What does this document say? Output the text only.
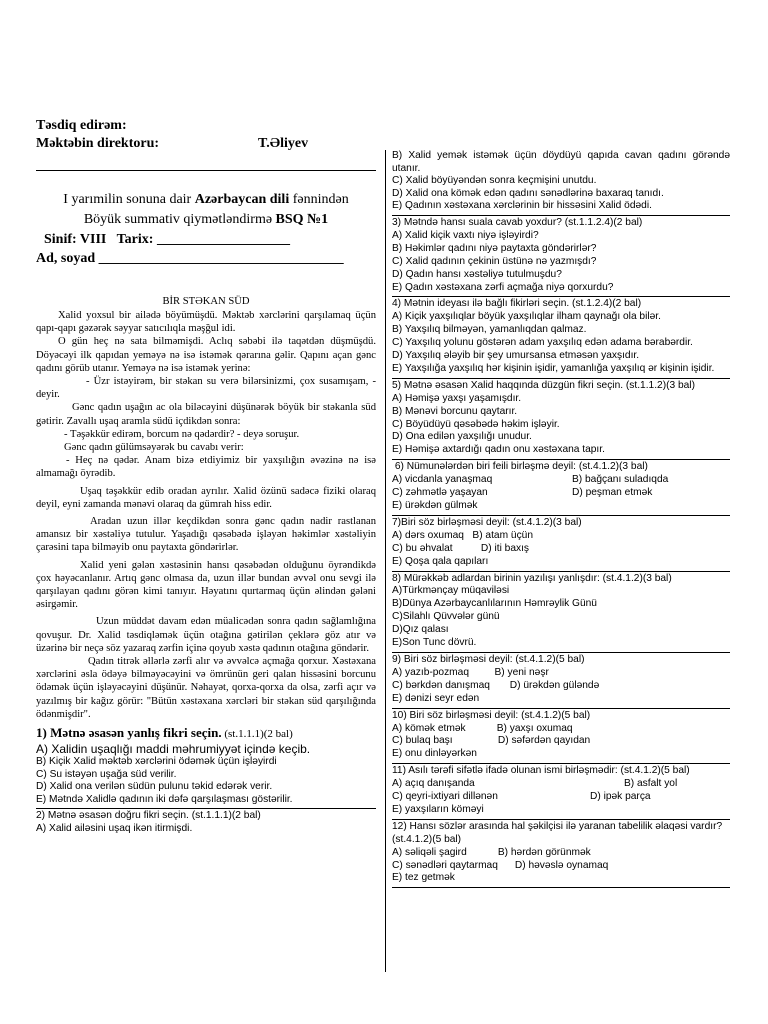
Təsdiq edirəm:
Məktəbin direktoru:	T.Əliyev
I yarımilin sonuna dair Azərbaycan dili fənnindən
Böyük summativ qiymətləndirmə BSQ №1
Sinif: VIII   Tarix: ___________________
Ad, soyad ___________________________________
BİR STƏKAN SÜD

Xalid yoxsul bir ailədə böyümüşdü. Məktəb xərclərini qarşılamaq üçün qapı-qapı gəzərək səyyar satıcılıqla məşğul idi.

O gün heç nə sata bilməmişdi. Aclıq səbəbi ilə taqətdən düşmüşdü. Döyəcəyi ilk qapıdan yeməyə nə isə istəmək qərarına gəlir. Qapını açan gənc qadını görüb utanır. Yeməyə nə isə istəmək yerinə:

- Üzr istəyirəm, bir stəkan su verə bilərsinizmi, çox susamışam, - deyir.

Gənc qadın uşağın ac ola biləcəyini düşünərək böyük bir stəkanla süd gətirir. Zavallı uşaq aramla südü içdikdən sonra:

- Təşəkkür edirəm, borcum nə qədərdir? - deyə soruşur.

Gənc qadın gülümsəyərək bu cavabı verir:

- Heç nə qədər. Anam bizə etdiyimiz bir yaxşılığın əvəzinə nə isə almamağı öyrədib.

Uşaq təşəkkür edib oradan ayrılır. Xalid özünü sadəcə fiziki olaraq deyil, eyni zamanda mənəvi olaraq da gümrah hiss edir.

Aradan uzun illər keçdikdən sonra gənc qadın nadir rastlanan amansız bir xəstəliyə tutulur. Yaşadığı qəsəbədə işləyən həkimlər xəstəliyin çarəsini tapa bilməyib onu paytaxta göndərirlər.

Xalid yeni gələn xəstəsinin hansı qəsəbədən olduğunu öyrəndikdə çox həyəcanlanır. Artıq gənc olmasa da, uzun illər bundan əvvəl onu sevgi ilə qarşılayan qadını görən kimi tanıyır. Həyatını qurtarmaq üçün əlindən gələni əsirgəmir.

Uzun müddət davam edən müalicədən sonra qadın sağlamlığına qovuşur. Dr. Xalid təsdiqləmək üçün otağına gətirilən çeklərə göz atır və üzərinə bir neçə söz yazaraq zərfin içinə qoyub xəstə qadının otağına göndərir.

Qadın titrək əllərlə zərfi alır və əvvəlcə açmağa qorxur. Xəstəxana xərclərini əsla ödəyə bilməyəcəyini və ömrünün geri qalan hissəsini borcunu ödəmək üçün işləyəcəyini düşünür. Nəhayət, qorxa-qorxa da olsa, zərfi açır və yazılmış bir kağız görür: "Bütün xəstəxana xərcləri bir stəkan süd qarşılığında ödənmişdir".

1) Mətnə əsasən yanlış fikri seçin. (st.1.1.1)(2 bal)
A) Xalidin uşaqlığı maddi məhrumiyyət içində keçib.
B) Kiçik Xalid məktəb xərclərini ödəmək üçün işləyirdi
C) Su istəyən uşağa süd verilir.
D) Xalid ona verilən südün pulunu təkid edərək verir.
E) Mətndə Xalidlə qadının iki dəfə qarşılaşması göstərilir.
2) Mətnə əsasən doğru fikri seçin. (st.1.1.1)(2 bal)
A) Xalid ailəsini uşaq ikən itirmişdi.
B) Xalid yemək istəmək üçün döydüyü qapıda cavan qadını görəndə utanır.
C) Xalid böyüyəndən sonra keçmişini unutdu.
D) Xalid ona kömək edən qadını sənədlərinə baxaraq tanıdı.
E) Qadının xəstəxana xərclərinin bir hissəsini Xalid ödədi.
3) Mətndə hansı suala cavab yoxdur? (st.1.1.2.4)(2 bal)
A) Xalid kiçik vaxtı niyə işləyirdi?
B) Həkimlər qadını niyə paytaxta göndərirlər?
C) Xalid qadının çekinin üstünə nə yazmışdı?
D) Qadın hansı xəstəliyə tutulmuşdu?
E) Qadın xəstəxana zərfi açmağa niyə qorxurdu?
4) Mətnin ideyası ilə bağlı fikirləri seçin. (st.1.2.4)(2 bal)
A) Kiçik yaxşılıqlar böyük yaxşılıqlar ilham qaynağı ola bilər.
B) Yaxşılıq bilməyən, yamanlıqdan qalmaz.
C) Yaxşılıq yolunu göstərən adam yaxşılıq edən adama bərabərdir.
D) Yaxşılıq ələyib bir şey umursansa etməsən yaxşıdır.
E) Yaxşılığa yaxşılıq hər kişinin işidir, yamanlığa yaxşılıq ər kişinin işidir.
5) Mətnə əsasən Xalid haqqında düzgün fikri seçin. (st.1.1.2)(3 bal)
A) Həmişə yaxşı yaşamışdır.
B) Mənəvi borcunu qaytarır.
C) Böyüdüyü qəsəbədə həkim işləyir.
D) Ona edilən yaxşılığı unudur.
E) Həmişə axtardığı qadın onu xəstəxana tapır.
6) Nümunələrdən biri feili birləşmə deyil: (st.4.1.2)(3 bal)
A) vicdanla yanaşmaq	B) bağçanı suladıqda
C) zəhmətlə yaşayan	D) peşman etmək
E) ürəkdən gülmək
7)Biri söz birləşməsi deyil: (st.4.1.2)(3 bal)
A) dərs oxumaq   B) atam üçün
C) bu əhvalat          D) iti baxış
E) Qoşa qala qapıları
8) Mürəkkəb adlardan birinin yazılışı yanlışdır: (st.4.1.2)(3 bal)
A)Türkmənçay müqaviləsi
B)Dünya Azərbaycanlılarının Həmrəylik Günü
C)Silahlı Qüvvələr günü
D)Qız qalası
E)Son Tunc dövrü.
9) Biri söz birləşməsi deyil: (st.4.1.2)(5 bal)
A) yazıb-pozmaq         B) yeni nəşr
C) bərkdən danışmaq       D) ürəkdən güləndə
E) dənizi seyr edən
10) Biri söz birləşməsi deyil: (st.4.1.2)(5 bal)
A) kömək etmək           B) yaxşı oxumaq
C) bulaq başı                D) səfərdən qayıdan
E) onu dinləyərkən
11) Asılı tərəfi sifətlə ifadə olunan ismi birləşmədir: (st.4.1.2)(5 bal)
A) açıq danışanda	B) asfalt yol
C) qeyri-ixtiyari dillənən	D) ipək parça
E) yaxşıların köməyi
12) Hansı sözlər arasında hal şəkilçisi ilə yaranan tabelilik əlaqəsi vardır? (st.4.1.2)(5 bal)
A) səliqəli şagird           B) hərdən görünmək
C) sənədləri qaytarmaq      D) həvəslə oynamaq
E) tez getmək
